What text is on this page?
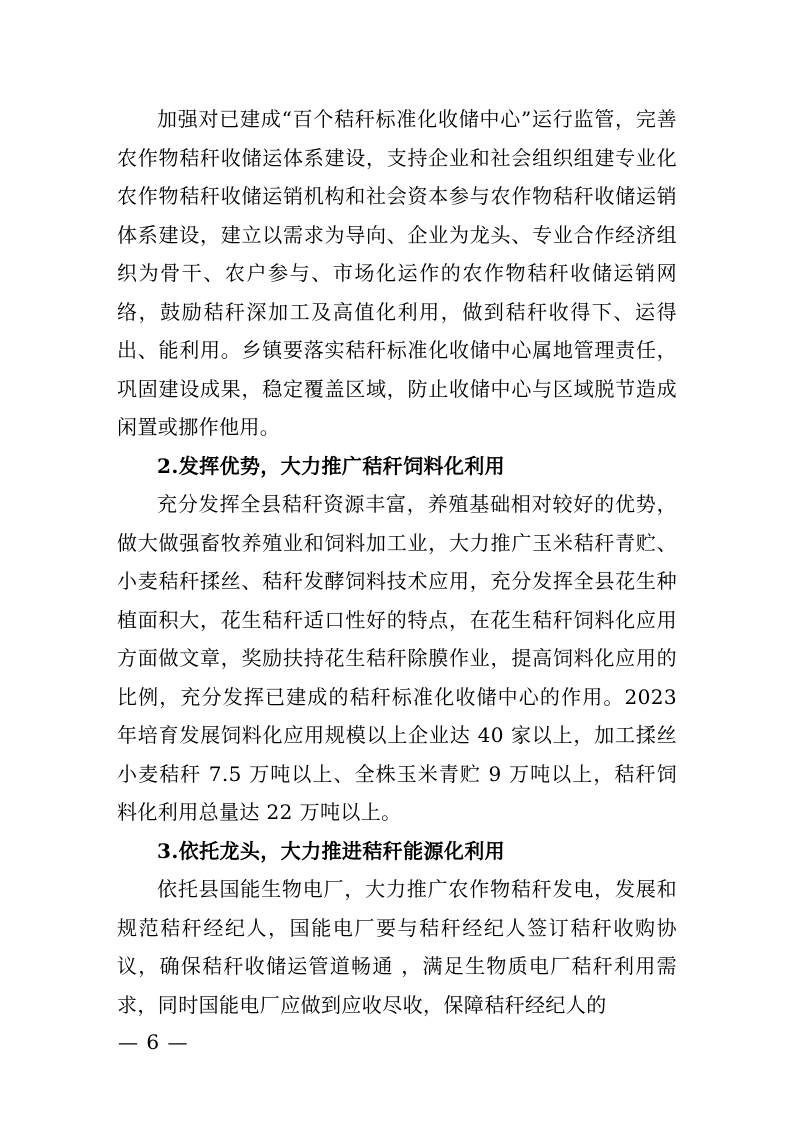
加强对已建成“百个秸秆标准化收储中心”运行监管，完善农作物秸秆收储运体系建设，支持企业和社会组织组建专业化农作物秸秆收储运销机构和社会资本参与农作物秸秆收储运销体系建设，建立以需求为导向、企业为龙头、专业合作经济组织为骨干、农户参与、市场化运作的农作物秸秆收储运销网络，鼓励秸秆深加工及高值化利用，做到秸秆收得下、运得出、能利用。乡镇要落实秸秆标准化收储中心属地管理责任，巩固建设成果，稳定覆盖区域，防止收储中心与区域脱节造成闲置或挪作他用。

2.发挥优势，大力推广秸秆饲料化利用

充分发挥全县秸秆资源丰富，养殖基础相对较好的优势，做大做强畜牧养殖业和饲料加工业，大力推广玉米秸秆青贮、小麦秸秆揉丝、秸秆发酵饲料技术应用，充分发挥全县花生种植面积大，花生秸秆适口性好的特点，在花生秸秆饲料化应用方面做文章，奖励扶持花生秸秆除膜作业，提高饲料化应用的比例，充分发挥已建成的秸秆标准化收储中心的作用。2023 年培育发展饲料化应用规模以上企业达 40 家以上，加工揉丝小麦秸秆 7.5 万吨以上、全株玉米青贮 9 万吨以上，秸秆饲料化利用总量达 22 万吨以上。

3.依托龙头，大力推进秸秆能源化利用

依托县国能生物电厂，大力推广农作物秸秆发电，发展和规范秸秆经纪人，国能电厂要与秸秆经纪人签订秸秆收购协议，确保秸秆收储运管道畅通 ，满足生物质电厂秸秆利用需求，同时国能电厂应做到应收尽收，保障秸秆经纪人的

— 6 —
